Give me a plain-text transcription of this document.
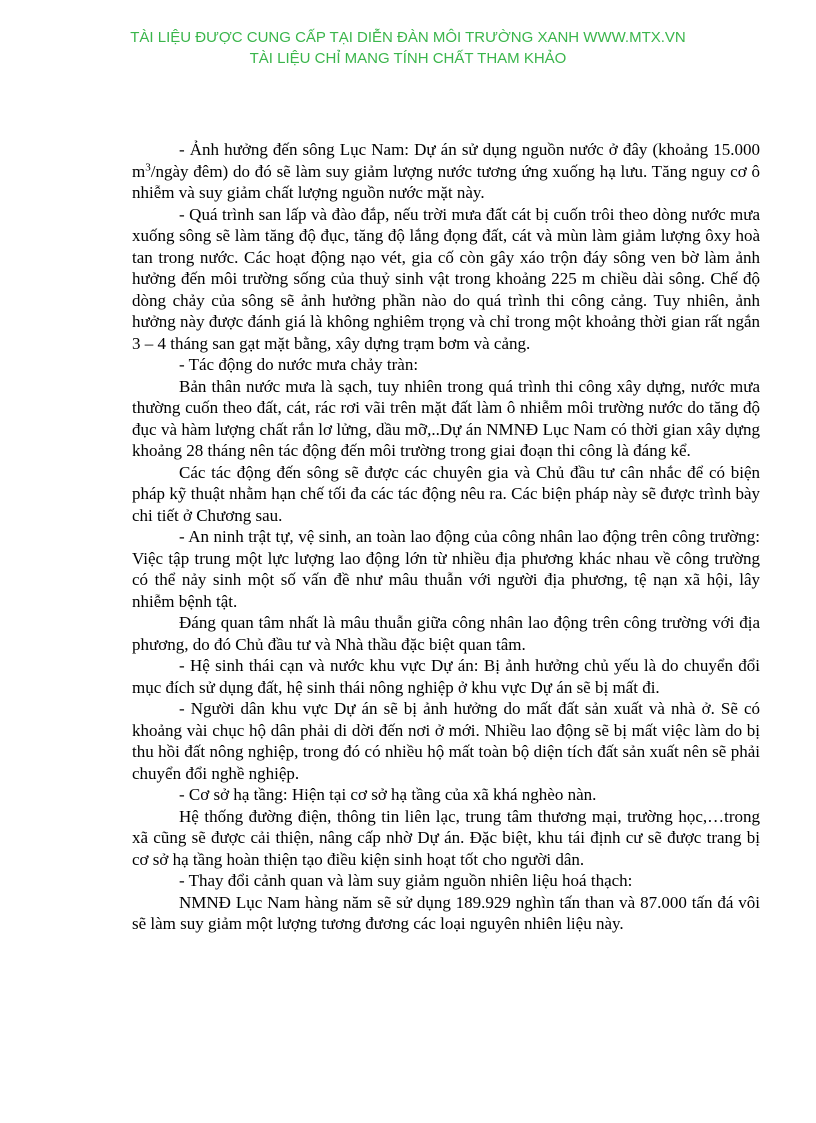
TÀI LIỆU ĐƯỢC CUNG CẤP TẠI DIỄN ĐÀN MÔI TRƯỜNG XANH WWW.MTX.VN
TÀI LIỆU CHỈ MANG TÍNH CHẤT THAM KHẢO

- Ảnh hưởng đến sông Lục Nam: Dự án sử dụng nguồn nước ở đây (khoảng 15.000 $m^3$/ngày đêm) do đó sẽ làm suy giảm lượng nước tương ứng xuống hạ lưu. Tăng nguy cơ ô nhiễm và suy giảm chất lượng nguồn nước mặt này.

- Quá trình san lấp và đào đắp, nếu trời mưa đất cát bị cuốn trôi theo dòng nước mưa xuống sông sẽ làm tăng độ đục, tăng độ lắng đọng đất, cát và mùn làm giảm lượng ôxy hoà tan trong nước. Các hoạt động nạo vét, gia cố còn gây xáo trộn đáy sông ven bờ làm ảnh hưởng đến môi trường sống của thuỷ sinh vật trong khoảng 225 m chiều dài sông. Chế độ dòng chảy của sông sẽ ảnh hưởng phần nào do quá trình thi công cảng. Tuy nhiên, ảnh hưởng này được đánh giá là không nghiêm trọng và chỉ trong một khoảng thời gian rất ngắn 3 – 4 tháng san gạt mặt bằng, xây dựng trạm bơm và cảng.

- Tác động do nước mưa chảy tràn:

Bản thân nước mưa là sạch, tuy nhiên trong quá trình thi công xây dựng, nước mưa thường cuốn theo đất, cát, rác rơi vãi trên mặt đất làm ô nhiễm môi trường nước do tăng độ đục và hàm lượng chất rắn lơ lửng, dầu mỡ,..Dự án NMNĐ Lục Nam có thời gian xây dựng khoảng 28 tháng nên tác động đến môi trường trong giai đoạn thi công là đáng kể.

Các tác động đến sông sẽ được các chuyên gia và Chủ đầu tư cân nhắc để có biện pháp kỹ thuật nhằm hạn chế tối đa các tác động nêu ra. Các biện pháp này sẽ được trình bày chi tiết ở Chương sau.

- An ninh trật tự, vệ sinh, an toàn lao động của công nhân lao động trên công trường: Việc tập trung một lực lượng lao động lớn từ nhiều địa phương khác nhau về công trường có thể nảy sinh một số vấn đề như mâu thuẫn với người địa phương, tệ nạn xã hội, lây nhiễm bệnh tật.

Đáng quan tâm nhất là mâu thuẫn giữa công nhân lao động trên công trường với địa phương, do đó Chủ đầu tư và Nhà thầu đặc biệt quan tâm.

- Hệ sinh thái cạn và nước khu vực Dự án: Bị ảnh hưởng chủ yếu là do chuyển đổi mục đích sử dụng đất, hệ sinh thái nông nghiệp ở khu vực Dự án sẽ bị mất đi.

- Người dân khu vực Dự án sẽ bị ảnh hưởng do mất đất sản xuất và nhà ở. Sẽ có khoảng vài chục hộ dân phải di dời đến nơi ở mới. Nhiều lao động sẽ bị mất việc làm do bị thu hồi đất nông nghiệp, trong đó có nhiều hộ mất toàn bộ diện tích đất sản xuất nên sẽ phải chuyển đổi nghề nghiệp.

- Cơ sở hạ tầng: Hiện tại cơ sở hạ tầng của xã khá nghèo nàn.

Hệ thống đường điện, thông tin liên lạc, trung tâm thương mại, trường học,…trong xã cũng sẽ được cải thiện, nâng cấp nhờ Dự án. Đặc biệt, khu tái định cư sẽ được trang bị cơ sở hạ tầng hoàn thiện tạo điều kiện sinh hoạt tốt cho người dân.

- Thay đổi cảnh quan và làm suy giảm nguồn nhiên liệu hoá thạch:

NMNĐ Lục Nam hàng năm sẽ sử dụng 189.929 nghìn tấn than và 87.000 tấn đá vôi sẽ làm suy giảm một lượng tương đương các loại nguyên nhiên liệu này.
